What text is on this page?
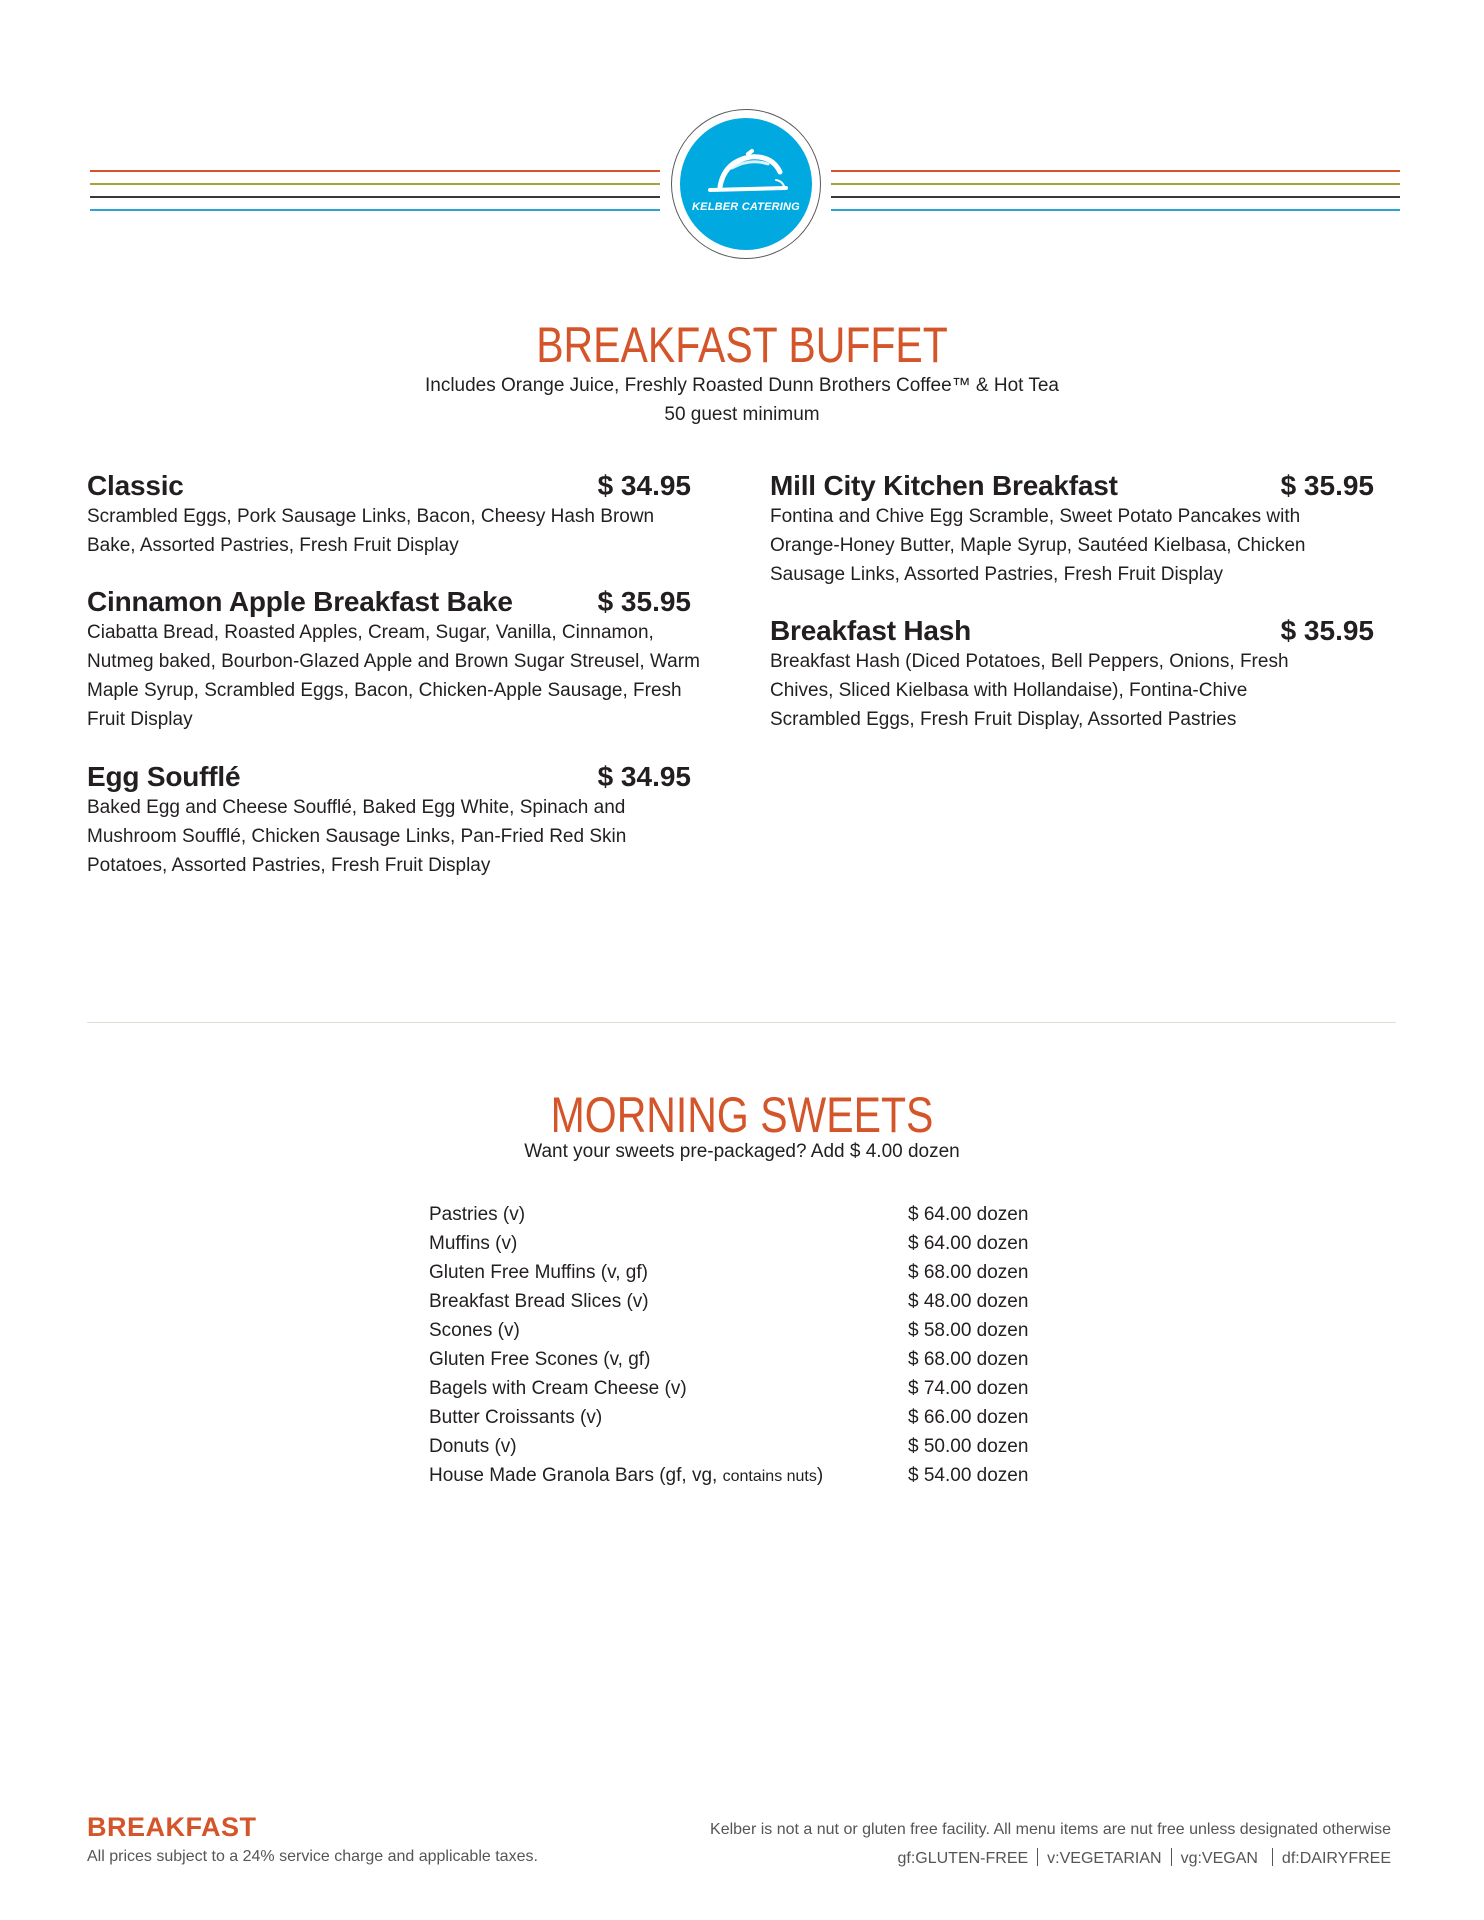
KELBER CATERING
BREAKFAST BUFFET
Includes Orange Juice, Freshly Roasted Dunn Brothers Coffee™ & Hot Tea
50 guest minimum
Classic	$ 34.95
Scrambled Eggs, Pork Sausage Links, Bacon, Cheesy Hash Brown Bake, Assorted Pastries, Fresh Fruit Display
Cinnamon Apple Breakfast Bake	$ 35.95
Ciabatta Bread, Roasted Apples, Cream, Sugar, Vanilla, Cinnamon, Nutmeg baked, Bourbon-Glazed Apple and Brown Sugar Streusel, Warm Maple Syrup, Scrambled Eggs, Bacon, Chicken-Apple Sausage, Fresh Fruit Display
Egg Soufflé	$ 34.95
Baked Egg and Cheese Soufflé, Baked Egg White, Spinach and Mushroom Soufflé, Chicken Sausage Links, Pan-Fried Red Skin Potatoes, Assorted Pastries, Fresh Fruit Display
Mill City Kitchen Breakfast	$ 35.95
Fontina and Chive Egg Scramble, Sweet Potato Pancakes with Orange-Honey Butter, Maple Syrup, Sautéed Kielbasa, Chicken Sausage Links, Assorted Pastries, Fresh Fruit Display
Breakfast Hash	$ 35.95
Breakfast Hash (Diced Potatoes, Bell Peppers, Onions, Fresh Chives, Sliced Kielbasa with Hollandaise), Fontina-Chive Scrambled Eggs, Fresh Fruit Display, Assorted Pastries
MORNING SWEETS
Want your sweets pre-packaged? Add $ 4.00 dozen
Pastries (v)	$ 64.00 dozen
Muffins (v)	$ 64.00 dozen
Gluten Free Muffins (v, gf)	$ 68.00 dozen
Breakfast Bread Slices (v)	$ 48.00 dozen
Scones (v)	$ 58.00 dozen
Gluten Free Scones (v, gf)	$ 68.00 dozen
Bagels with Cream Cheese (v)	$ 74.00 dozen
Butter Croissants (v)	$ 66.00 dozen
Donuts (v)	$ 50.00 dozen
House Made Granola Bars (gf, vg, contains nuts)	$ 54.00 dozen
BREAKFAST
All prices subject to a 24% service charge and applicable taxes.
Kelber is not a nut or gluten free facility. All menu items are nut free unless designated otherwise
gf:GLUTEN-FREE v:VEGETARIAN vg:VEGAN df:DAIRYFREE
